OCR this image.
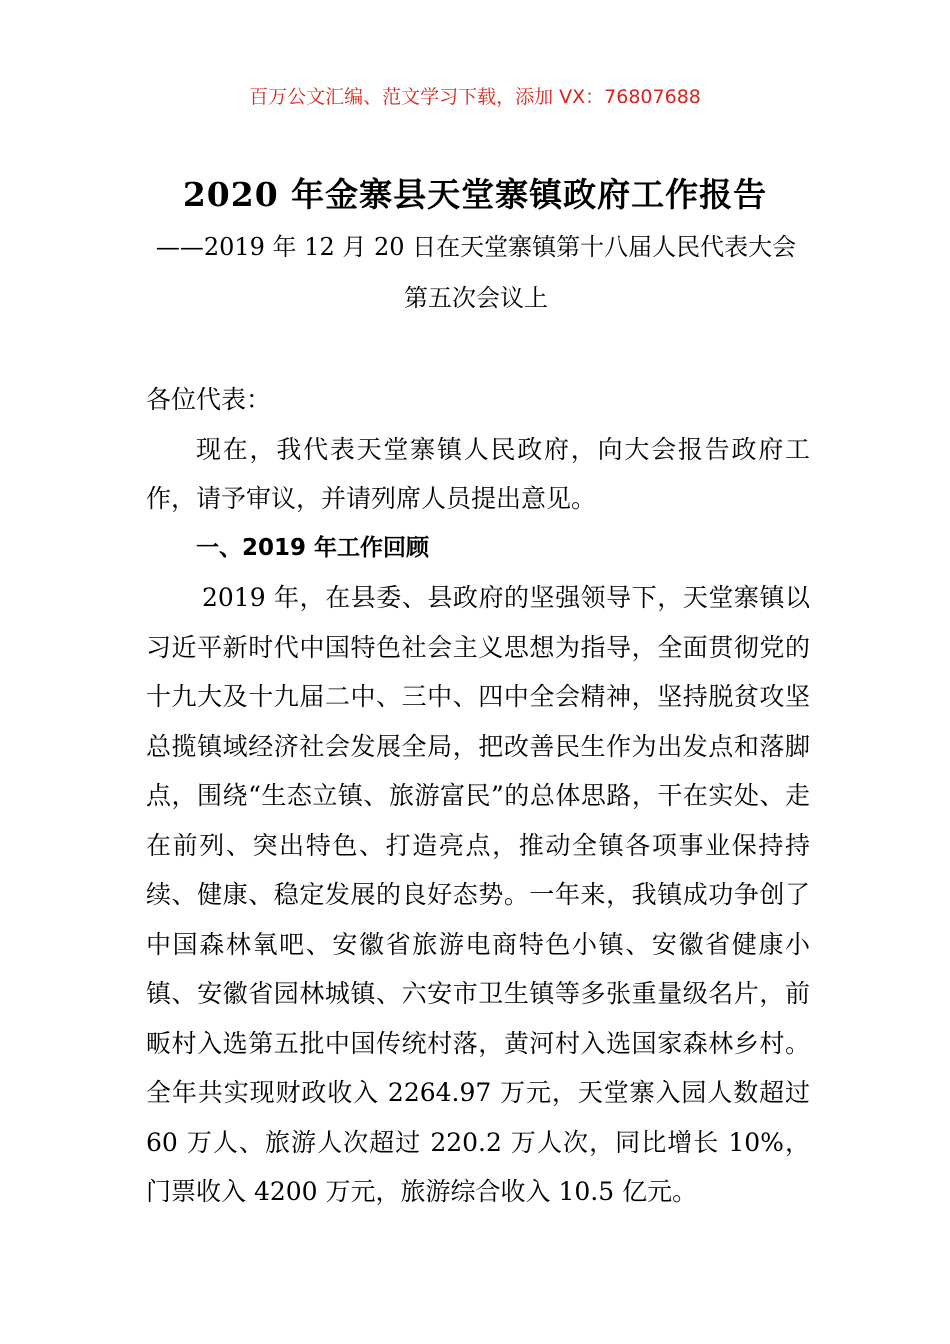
百万公文汇编、范文学习下载，添加 VX：76807688
2020 年金寨县天堂寨镇政府工作报告
——2019 年 12 月 20 日在天堂寨镇第十八届人民代表大会
第五次会议上

各位代表：

现在，我代表天堂寨镇人民政府，向大会报告政府工作，请予审议，并请列席人员提出意见。

一、2019 年工作回顾

2019 年，在县委、县政府的坚强领导下，天堂寨镇以习近平新时代中国特色社会主义思想为指导，全面贯彻党的十九大及十九届二中、三中、四中全会精神，坚持脱贫攻坚总揽镇域经济社会发展全局，把改善民生作为出发点和落脚点，围绕“生态立镇、旅游富民”的总体思路，干在实处、走在前列、突出特色、打造亮点，推动全镇各项事业保持持续、健康、稳定发展的良好态势。一年来，我镇成功争创了中国森林氧吧、安徽省旅游电商特色小镇、安徽省健康小镇、安徽省园林城镇、六安市卫生镇等多张重量级名片，前畈村入选第五批中国传统村落，黄河村入选国家森林乡村。全年共实现财政收入 2264.97 万元，天堂寨入园人数超过 60 万人、旅游人次超过 220.2 万人次，同比增长 10%，门票收入 4200 万元，旅游综合收入 10.5 亿元。
